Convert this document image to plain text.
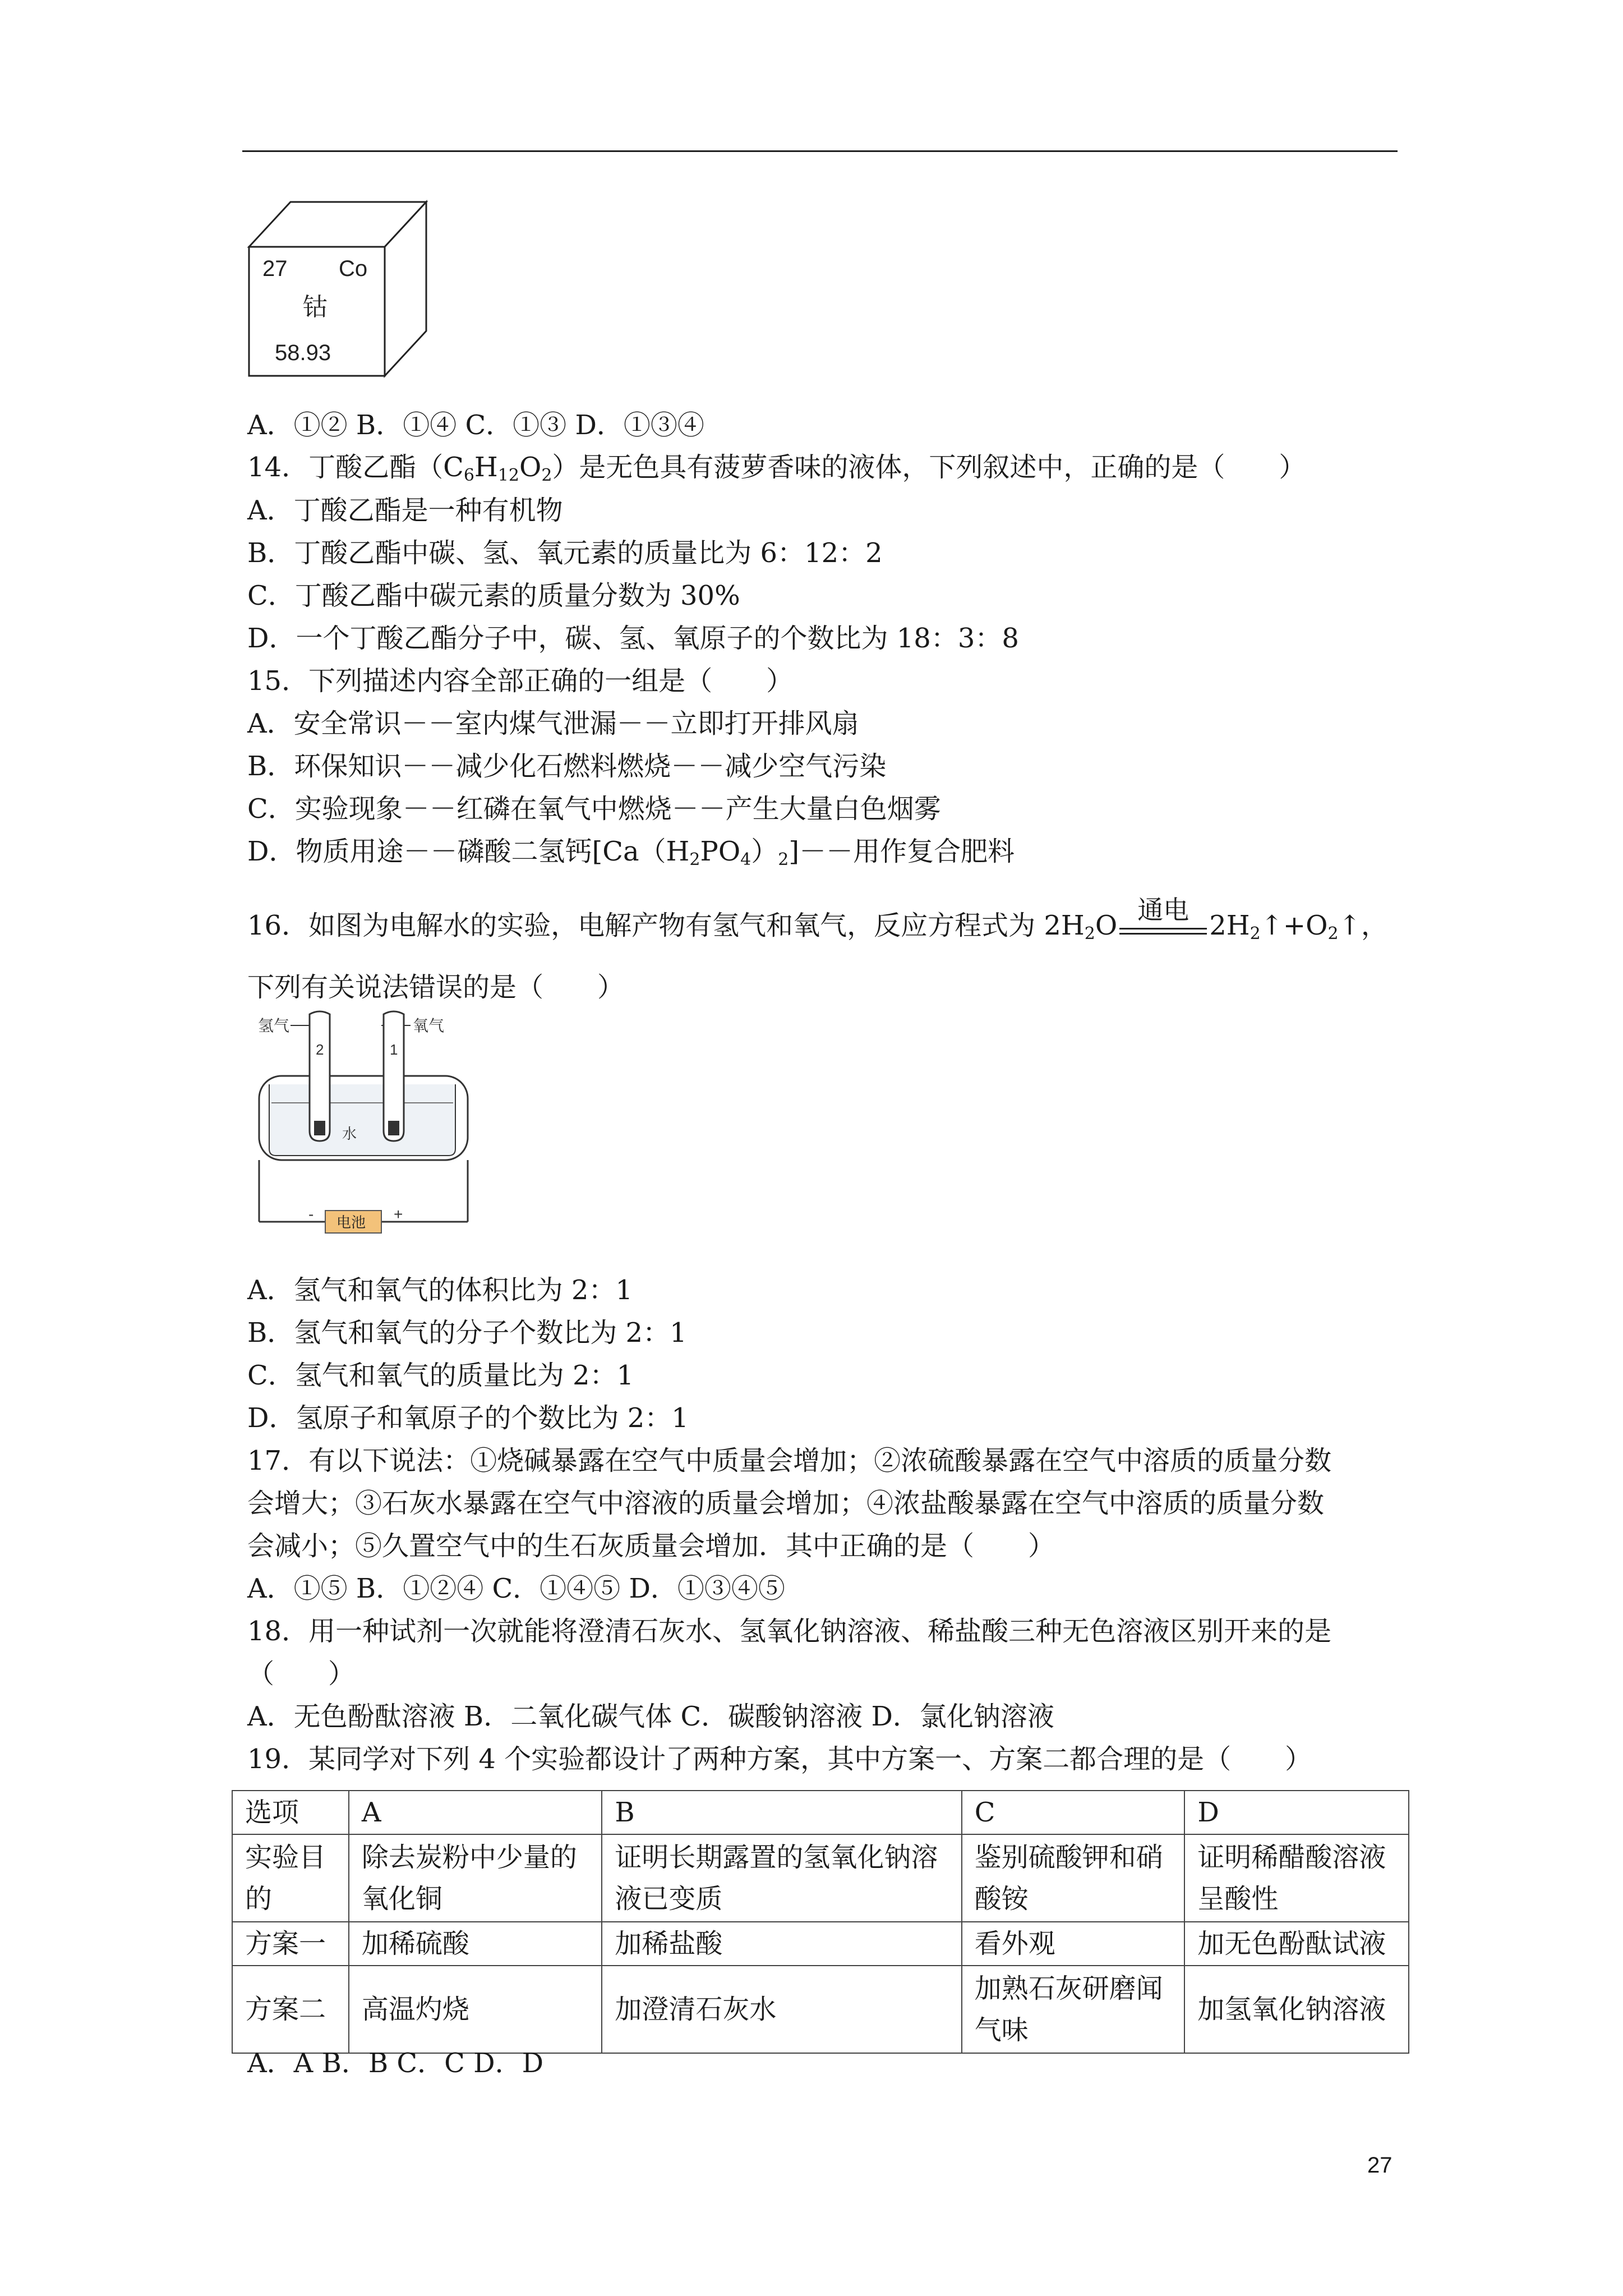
27 Co
钴
58.93
A．①② B．①④ C．①③ D．①③④
14．丁酸乙酯$(C_6H_{12}O_2)$是无色具有菠萝香味的液体，下列叙述中，正确的是（　　）
A．丁酸乙酯是一种有机物
B．丁酸乙酯中碳、氢、氧元素的质量比为 6：12：2
C．丁酸乙酯中碳元素的质量分数为 30%
D．一个丁酸乙酯分子中，碳、氢、氧原子的个数比为 18：3：8
15．下列描述内容全部正确的一组是（　　）
A．安全常识－－室内煤气泄漏－－立即打开排风扇
B．环保知识－－减少化石燃料燃烧－－减少空气污染
C．实验现象－－红磷在氧气中燃烧－－产生大量白色烟雾
D．物质用途－－磷酸二氢钙$[Ca(H_2PO_4)_2]--$用作复合肥料
16．如图为电解水的实验，电解产物有氢气和氧气，反应方程式为 $2H_2O$ 通电 $2H_2↑+O_2↑$，
下列有关说法错误的是（　　）
氢气	氧气
水
2	1
电池
-	+
A．氢气和氧气的体积比为 2：1
B．氢气和氧气的分子个数比为 2：1
C．氢气和氧气的质量比为 2：1
D．氢原子和氧原子的个数比为 2：1
17．有以下说法：①烧碱暴露在空气中质量会增加；②浓硫酸暴露在空气中溶质的质量分数
会增大；③石灰水暴露在空气中溶液的质量会增加；④浓盐酸暴露在空气中溶质的质量分数
会减小；⑤久置空气中的生石灰质量会增加．其中正确的是（　　）
A．①⑤ B．①②④ C．①④⑤ D．①③④⑤
18．用一种试剂一次就能将澄清石灰水、氢氧化钠溶液、稀盐酸三种无色溶液区别开来的是
（　　）
A．无色酚酞溶液 B．二氧化碳气体 C．碳酸钠溶液 D．氯化钠溶液
19．某同学对下列 4 个实验都设计了两种方案，其中方案一、方案二都合理的是（　　）
选项	A	B	C	D
实验目的	除去炭粉中少量的氧化铜	证明长期露置的氢氧化钠溶液已变质	鉴别硫酸钾和硝酸铵	证明稀醋酸溶液呈酸性
方案一	加稀硫酸	加稀盐酸	看外观	加无色酚酞试液
方案二	高温灼烧	加澄清石灰水	加熟石灰研磨闻气味	加氢氧化钠溶液
A．A B．B C．C D．D
27
